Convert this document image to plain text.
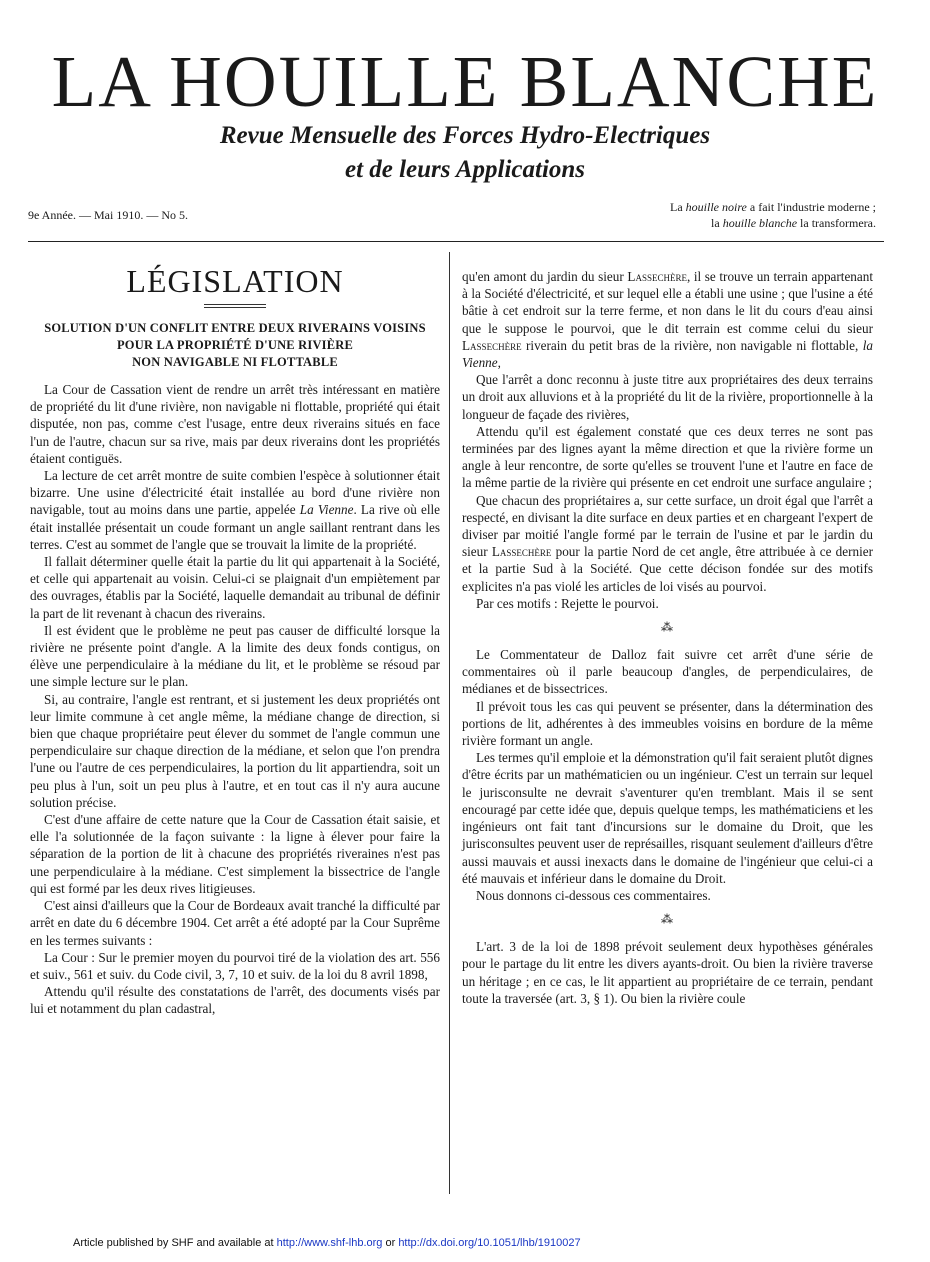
LA HOUILLE BLANCHE
Revue Mensuelle des Forces Hydro-Electriques
et de leurs Applications
9e Année. — Mai 1910. — No 5.
La houille noire a fait l'industrie moderne ;
la houille blanche la transformera.
LÉGISLATION
SOLUTION D'UN CONFLIT ENTRE DEUX RIVERAINS VOISINS
POUR LA PROPRIÉTÉ D'UNE RIVIÈRE
NON NAVIGABLE NI FLOTTABLE

La Cour de Cassation vient de rendre un arrêt très intéressant en matière de propriété du lit d'une rivière, non navigable ni flottable, propriété qui était disputée, non pas, comme c'est l'usage, entre deux riverains situés en face l'un de l'autre, chacun sur sa rive, mais par deux riverains dont les propriétés étaient contiguës.

La lecture de cet arrêt montre de suite combien l'espèce à solutionner était bizarre. Une usine d'électricité était installée au bord d'une rivière non navigable, tout au moins dans une partie, appelée La Vienne. La rive où elle était installée présentait un coude formant un angle saillant rentrant dans les terres. C'est au sommet de l'angle que se trouvait la limite de la propriété.

Il fallait déterminer quelle était la partie du lit qui appartenait à la Société, et celle qui appartenait au voisin. Celui-ci se plaignait d'un empiètement par des ouvrages, établis par la Société, laquelle demandait au tribunal de définir la part de lit revenant à chacun des riverains.

Il est évident que le problème ne peut pas causer de difficulté lorsque la rivière ne présente point d'angle. A la limite des deux fonds contigus, on élève une perpendiculaire à la médiane du lit, et le problème se résoud par une simple lecture sur le plan.

Si, au contraire, l'angle est rentrant, et si justement les deux propriétés ont leur limite commune à cet angle même, la médiane change de direction, si bien que chaque propriétaire peut élever du sommet de l'angle commun une perpendiculaire sur chaque direction de la médiane, et selon que l'on prendra l'une ou l'autre de ces perpendiculaires, la portion du lit appartiendra, soit un peu plus à l'un, soit un peu plus à l'autre, et en tout cas il n'y aura aucune solution précise.

C'est d'une affaire de cette nature que la Cour de Cassation était saisie, et elle l'a solutionnée de la façon suivante : la ligne à élever pour faire la séparation de la portion de lit à chacune des propriétés riveraines n'est pas une perpendiculaire à la médiane. C'est simplement la bissectrice de l'angle qui est formé par les deux rives litigieuses.

C'est ainsi d'ailleurs que la Cour de Bordeaux avait tranché la difficulté par arrêt en date du 6 décembre 1904. Cet arrêt a été adopté par la Cour Suprême en les termes suivants :

La Cour : Sur le premier moyen du pourvoi tiré de la violation des art. 556 et suiv., 561 et suiv. du Code civil, 3, 7, 10 et suiv. de la loi du 8 avril 1898,

Attendu qu'il résulte des constatations de l'arrêt, des documents visés par lui et notamment du plan cadastral,

qu'en amont du jardin du sieur Lassechère, il se trouve un terrain appartenant à la Société d'électricité, et sur lequel elle a établi une usine ; que l'usine a été bâtie à cet endroit sur la terre ferme, et non dans le lit du cours d'eau ainsi que le suppose le pourvoi, que le dit terrain est comme celui du sieur Lassechère riverain du petit bras de la rivière, non navigable ni flottable, la Vienne,

Que l'arrêt a donc reconnu à juste titre aux propriétaires des deux terrains un droit aux alluvions et à la propriété du lit de la rivière, proportionnelle à la longueur de façade des rivières,

Attendu qu'il est également constaté que ces deux terres ne sont pas terminées par des lignes ayant la même direction et que la rivière forme un angle à leur rencontre, de sorte qu'elles se trouvent l'une et l'autre en face de la même partie de la rivière qui présente en cet endroit une surface angulaire ;

Que chacun des propriétaires a, sur cette surface, un droit égal que l'arrêt a respecté, en divisant la dite surface en deux parties et en chargeant l'expert de diviser par moitié l'angle formé par le terrain de l'usine et par le jardin du sieur Lassechère pour la partie Nord de cet angle, être attribuée à ce dernier et la partie Sud à la Société. Que cette décison fondée sur des motifs explicites n'a pas violé les articles de loi visés au pourvoi.

Par ces motifs : Rejette le pourvoi.

⁂

Le Commentateur de Dalloz fait suivre cet arrêt d'une série de commentaires où il parle beaucoup d'angles, de perpendiculaires, de médianes et de bissectrices.

Il prévoit tous les cas qui peuvent se présenter, dans la détermination des portions de lit, adhérentes à des immeubles voisins en bordure de la même rivière formant un angle.

Les termes qu'il emploie et la démonstration qu'il fait seraient plutôt dignes d'être écrits par un mathématicien ou un ingénieur. C'est un terrain sur lequel le jurisconsulte ne devrait s'aventurer qu'en tremblant. Mais il se sent encouragé par cette idée que, depuis quelque temps, les mathématiciens et les ingénieurs ont fait tant d'incursions sur le domaine du Droit, que les jurisconsultes peuvent user de représailles, risquant seulement d'ailleurs d'être aussi mauvais et aussi inexacts dans le domaine de l'ingénieur que celui-ci a été mauvais et inférieur dans le domaine du Droit.

Nous donnons ci-dessous ces commentaires.

⁂

L'art. 3 de la loi de 1898 prévoit seulement deux hypothèses générales pour le partage du lit entre les divers ayants-droit. Ou bien la rivière traverse un héritage ; en ce cas, le lit appartient au propriétaire de ce terrain, pendant toute la traversée (art. 3, § 1). Ou bien la rivière coule

Article published by SHF and available at http://www.shf-lhb.org or http://dx.doi.org/10.1051/lhb/1910027
